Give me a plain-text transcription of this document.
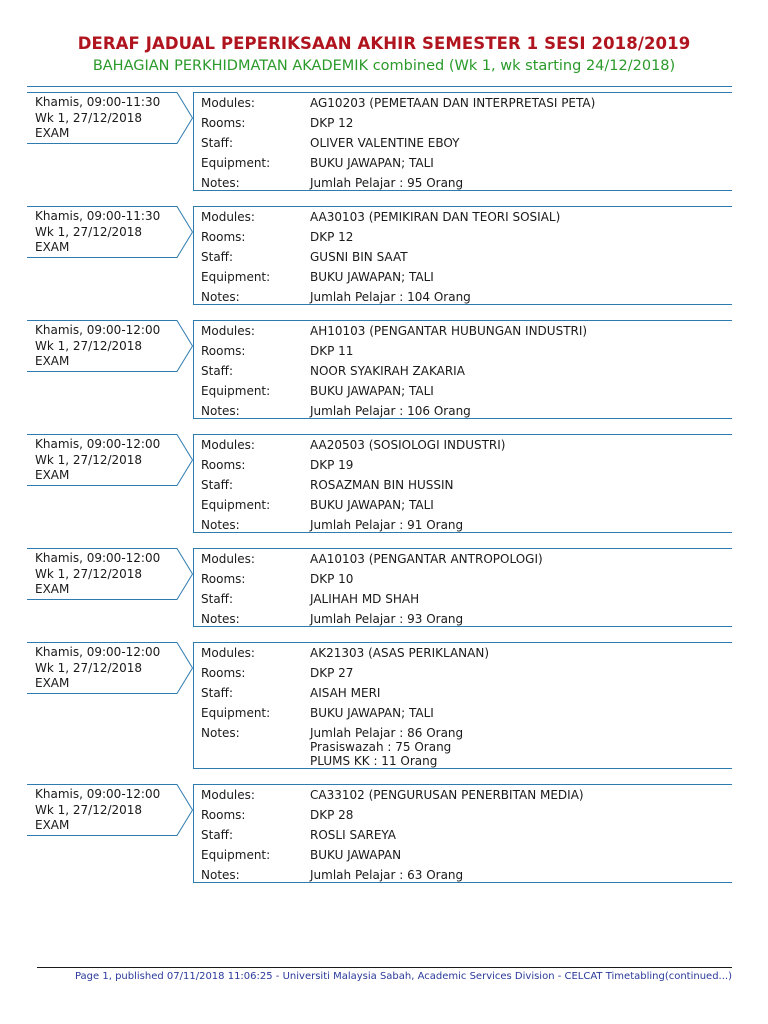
DERAF JADUAL PEPERIKSAAN AKHIR SEMESTER 1 SESI 2018/2019
BAHAGIAN PERKHIDMATAN AKADEMIK combined (Wk 1, wk starting 24/12/2018)
Modules:	AG10203 (PEMETAAN DAN INTERPRETASI PETA)
Rooms:	DKP 12
Staff:	OLIVER VALENTINE EBOY
Equipment:	BUKU JAWAPAN; TALI
Notes:	Jumlah Pelajar : 95 Orang
Khamis, 09:00-11:30
Wk 1, 27/12/2018
EXAM
Modules:	AA30103 (PEMIKIRAN DAN TEORI SOSIAL)
Rooms:	DKP 12
Staff:	GUSNI BIN SAAT
Equipment:	BUKU JAWAPAN; TALI
Notes:	Jumlah Pelajar : 104 Orang
Khamis, 09:00-11:30
Wk 1, 27/12/2018
EXAM
Modules:	AH10103 (PENGANTAR HUBUNGAN INDUSTRI)
Rooms:	DKP 11
Staff:	NOOR SYAKIRAH ZAKARIA
Equipment:	BUKU JAWAPAN; TALI
Notes:	Jumlah Pelajar : 106 Orang
Khamis, 09:00-12:00
Wk 1, 27/12/2018
EXAM
Modules:	AA20503 (SOSIOLOGI INDUSTRI)
Rooms:	DKP 19
Staff:	ROSAZMAN BIN HUSSIN
Equipment:	BUKU JAWAPAN; TALI
Notes:	Jumlah Pelajar : 91 Orang
Khamis, 09:00-12:00
Wk 1, 27/12/2018
EXAM
Modules:	AA10103 (PENGANTAR ANTROPOLOGI)
Rooms:	DKP 10
Staff:	JALIHAH MD SHAH
Notes:	Jumlah Pelajar : 93 Orang
Khamis, 09:00-12:00
Wk 1, 27/12/2018
EXAM
Modules:	AK21303 (ASAS PERIKLANAN)
Rooms:	DKP 27
Staff:	AISAH MERI
Equipment:	BUKU JAWAPAN; TALI
Notes:	Jumlah Pelajar : 86 Orang
Prasiswazah : 75 Orang
PLUMS KK : 11 Orang
Khamis, 09:00-12:00
Wk 1, 27/12/2018
EXAM
Modules:	CA33102 (PENGURUSAN PENERBITAN MEDIA)
Rooms:	DKP 28
Staff:	ROSLI SAREYA
Equipment:	BUKU JAWAPAN
Notes:	Jumlah Pelajar : 63 Orang
Khamis, 09:00-12:00
Wk 1, 27/12/2018
EXAM
Page 1, published 07/11/2018 11:06:25 - Universiti Malaysia Sabah, Academic Services Division - CELCAT Timetabling(continued...)
